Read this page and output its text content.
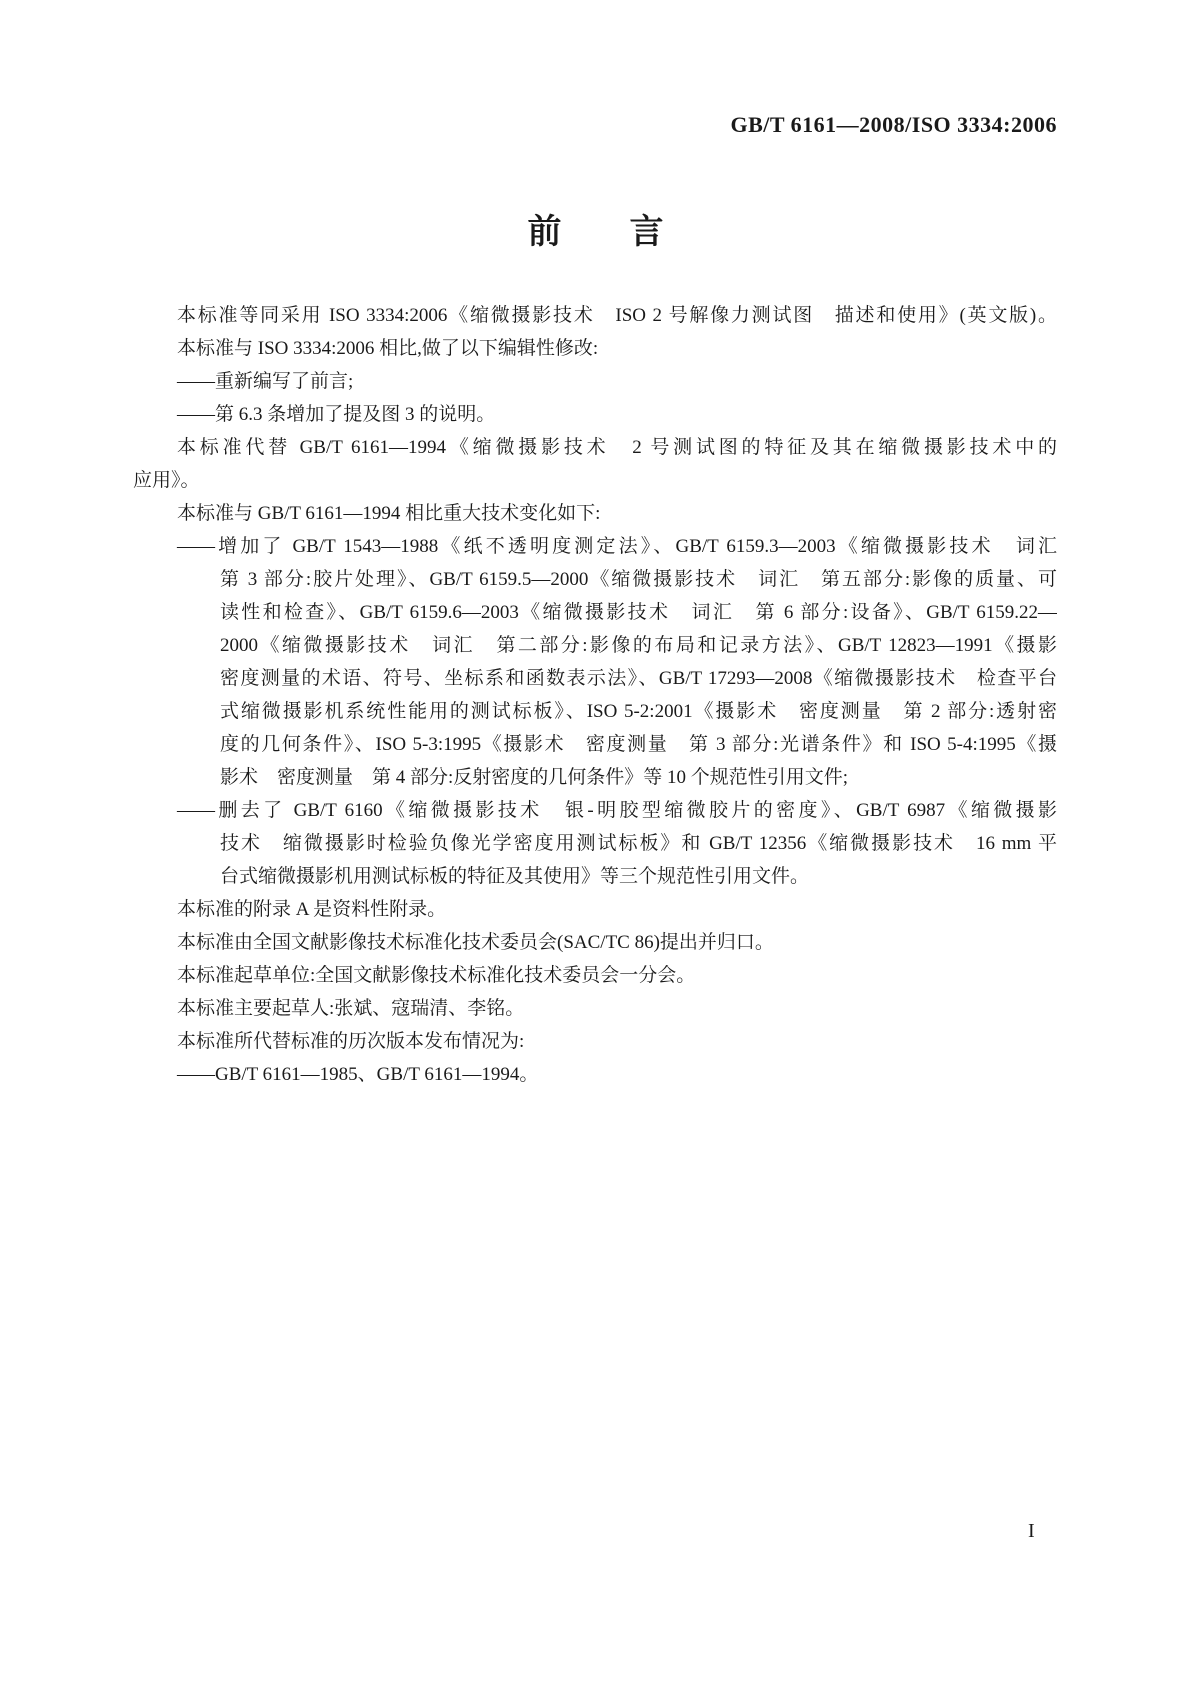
GB/T 6161—2008/ISO 3334:2006
前　　言
本标准等同采用 ISO 3334:2006《缩微摄影技术　ISO 2 号解像力测试图　描述和使用》(英文版)。
本标准与 ISO 3334:2006 相比,做了以下编辑性修改:
——重新编写了前言;
——第 6.3 条增加了提及图 3 的说明。
本标准代替 GB/T 6161—1994《缩微摄影技术　2 号测试图的特征及其在缩微摄影技术中的
应用》。
本标准与 GB/T 6161—1994 相比重大技术变化如下:
——增加了 GB/T 1543—1988《纸不透明度测定法》、GB/T 6159.3—2003《缩微摄影技术　词汇
第 3 部分:胶片处理》、GB/T 6159.5—2000《缩微摄影技术　词汇　第五部分:影像的质量、可
读性和检查》、GB/T 6159.6—2003《缩微摄影技术　词汇　第 6 部分:设备》、GB/T 6159.22—
2000《缩微摄影技术　词汇　第二部分:影像的布局和记录方法》、GB/T 12823—1991《摄影
密度测量的术语、符号、坐标系和函数表示法》、GB/T 17293—2008《缩微摄影技术　检查平台
式缩微摄影机系统性能用的测试标板》、ISO 5-2:2001《摄影术　密度测量　第 2 部分:透射密
度的几何条件》、ISO 5-3:1995《摄影术　密度测量　第 3 部分:光谱条件》和 ISO 5-4:1995《摄
影术　密度测量　第 4 部分:反射密度的几何条件》等 10 个规范性引用文件;
——删去了 GB/T 6160《缩微摄影技术　银-明胶型缩微胶片的密度》、GB/T 6987《缩微摄影
技术　缩微摄影时检验负像光学密度用测试标板》和 GB/T 12356《缩微摄影技术　16 mm 平
台式缩微摄影机用测试标板的特征及其使用》等三个规范性引用文件。
本标准的附录 A 是资料性附录。
本标准由全国文献影像技术标准化技术委员会(SAC/TC 86)提出并归口。
本标准起草单位:全国文献影像技术标准化技术委员会一分会。
本标准主要起草人:张斌、寇瑞清、李铭。
本标准所代替标准的历次版本发布情况为:
——GB/T 6161—1985、GB/T 6161—1994。
I
